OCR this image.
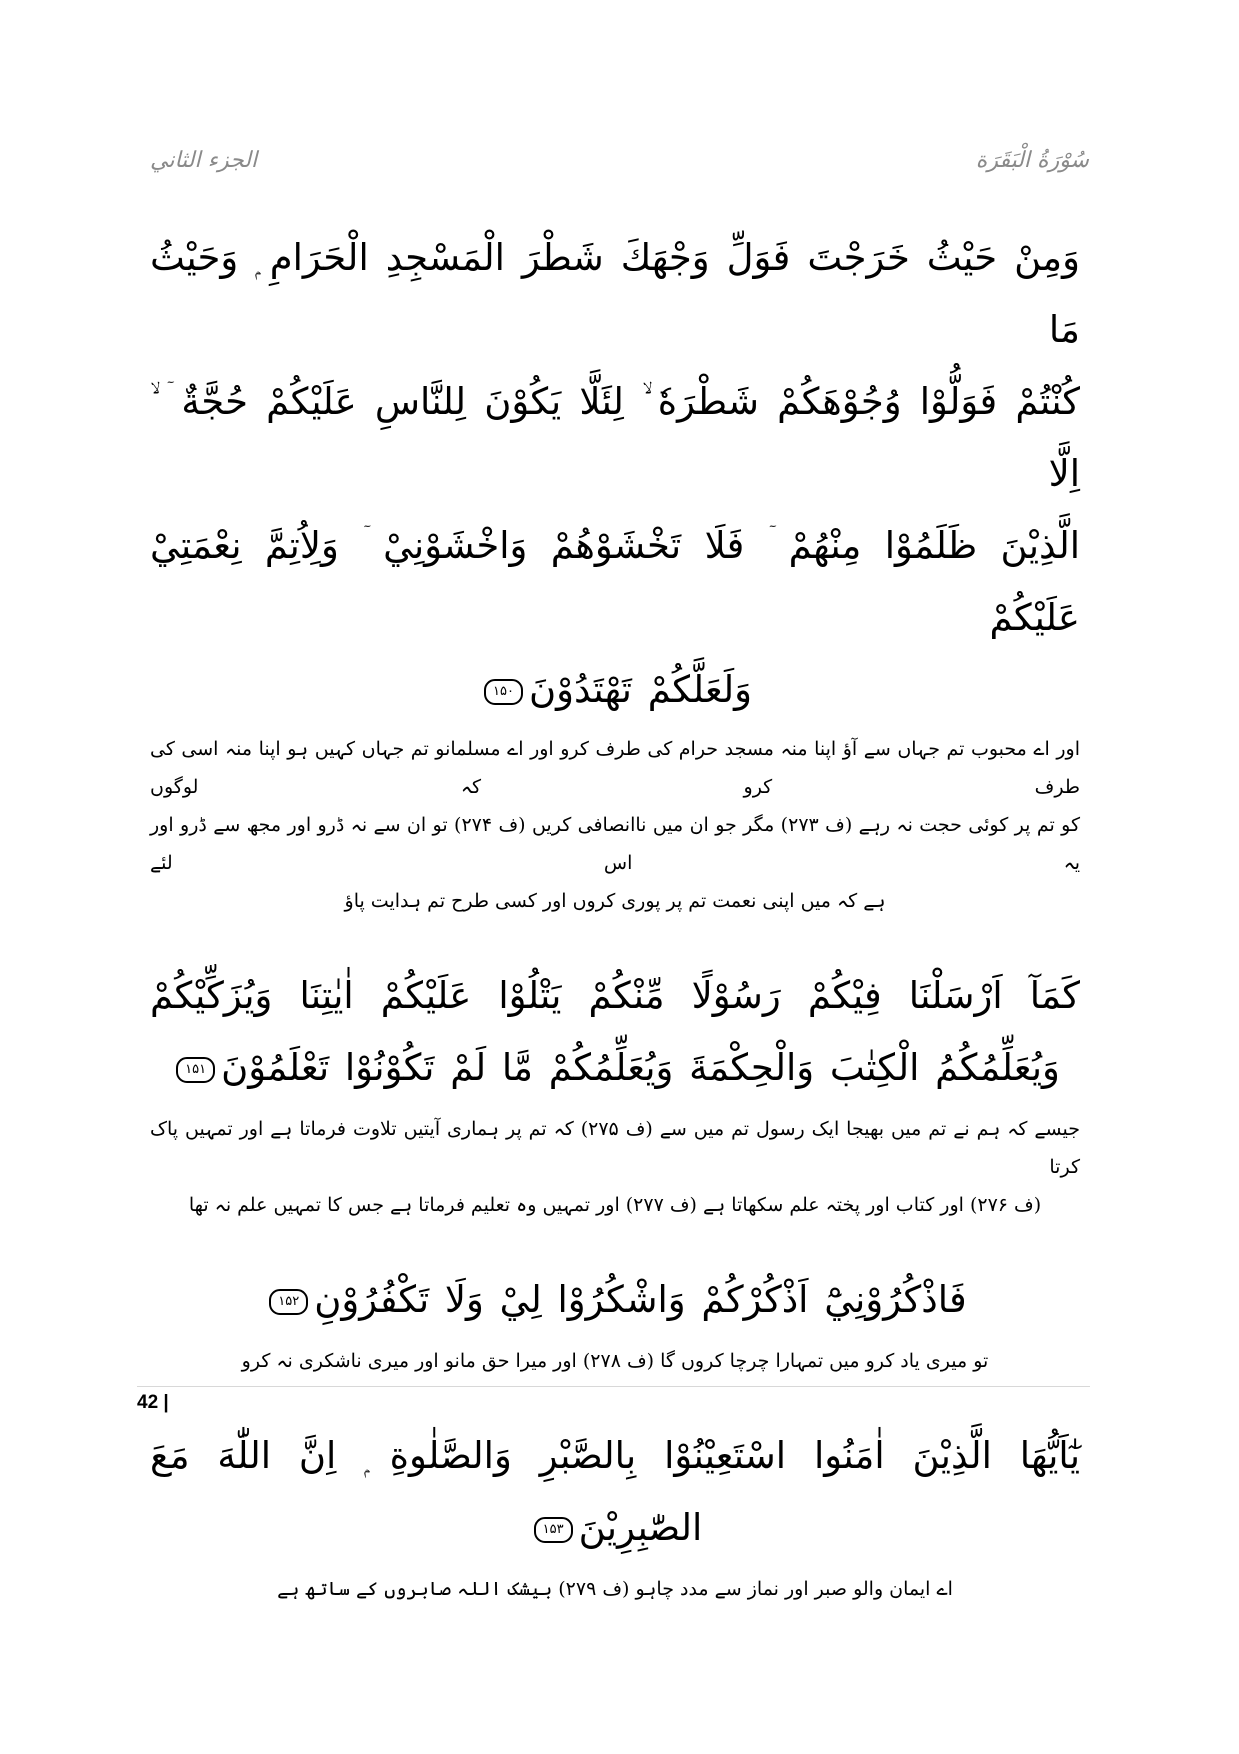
سُوْرَةُ الْبَقَرَة
الجزء الثاني
وَمِنْ حَيْثُ خَرَجْتَ فَوَلِّ وَجْهَكَ شَطْرَ الْمَسْجِدِ الْحَرَامِ ۭ وَحَيْثُ مَا
كُنْتُمْ فَوَلُّوْا وُجُوْهَكُمْ شَطْرَهٗ ۙ لِئَلَّا يَكُوْنَ لِلنَّاسِ عَلَيْكُمْ حُجَّةٌ ۤ ۙ اِلَّا
الَّذِيْنَ ظَلَمُوْا مِنْهُمْ ۤ فَلَا تَخْشَوْهُمْ وَاخْشَوْنِيْ ۤ وَلِاُتِمَّ نِعْمَتِيْ عَلَيْكُمْ
وَلَعَلَّكُمْ تَهْتَدُوْنَ۱۵۰
اور اے محبوب تم جہاں سے آؤ اپنا منہ مسجد حرام کی طرف کرو اور اے مسلمانو تم جہاں کہیں ہو اپنا منہ اسی کی طرف کرو کہ لوگوں
کو تم پر کوئی حجت نہ رہے (ف ۲۷۳) مگر جو ان میں ناانصافی کریں (ف ۲۷۴) تو ان سے نہ ڈرو اور مجھ سے ڈرو اور یہ اس لئے
ہے کہ میں اپنی نعمت تم پر پوری کروں اور کسی طرح تم ہدایت پاؤ
كَمَآ اَرْسَلْنَا فِيْكُمْ رَسُوْلًا مِّنْكُمْ يَتْلُوْا عَلَيْكُمْ اٰيٰتِنَا وَيُزَكِّيْكُمْ
وَيُعَلِّمُكُمُ الْكِتٰبَ وَالْحِكْمَةَ وَيُعَلِّمُكُمْ مَّا لَمْ تَكُوْنُوْا تَعْلَمُوْنَ۱۵۱
جیسے کہ ہم نے تم میں بھیجا ایک رسول تم میں سے (ف ۲۷۵) کہ تم پر ہماری آیتیں تلاوت فرماتا ہے اور تمہیں پاک کرتا
(ف ۲۷۶) اور کتاب اور پختہ علم سکھاتا ہے (ف ۲۷۷) اور تمہیں وہ تعلیم فرماتا ہے جس کا تمہیں علم نہ تھا
فَاذْكُرُوْنِيْٓ اَذْكُرْكُمْ وَاشْكُرُوْا لِيْ وَلَا تَكْفُرُوْنِ۱۵۲
تو میری یاد کرو میں تمہارا چرچا کروں گا (ف ۲۷۸) اور میرا حق مانو اور میری ناشکری نہ کرو
يٰٓاَيُّهَا الَّذِيْنَ اٰمَنُوا اسْتَعِيْنُوْا بِالصَّبْرِ وَالصَّلٰوةِ ۭ اِنَّ اللّٰهَ مَعَ الصّٰبِرِيْنَ۱۵۳
اے ایمان والو صبر اور نماز سے مدد چاہو (ف ۲۷۹) بیشک اللہ صابروں کے ساتھ ہے
42 |
